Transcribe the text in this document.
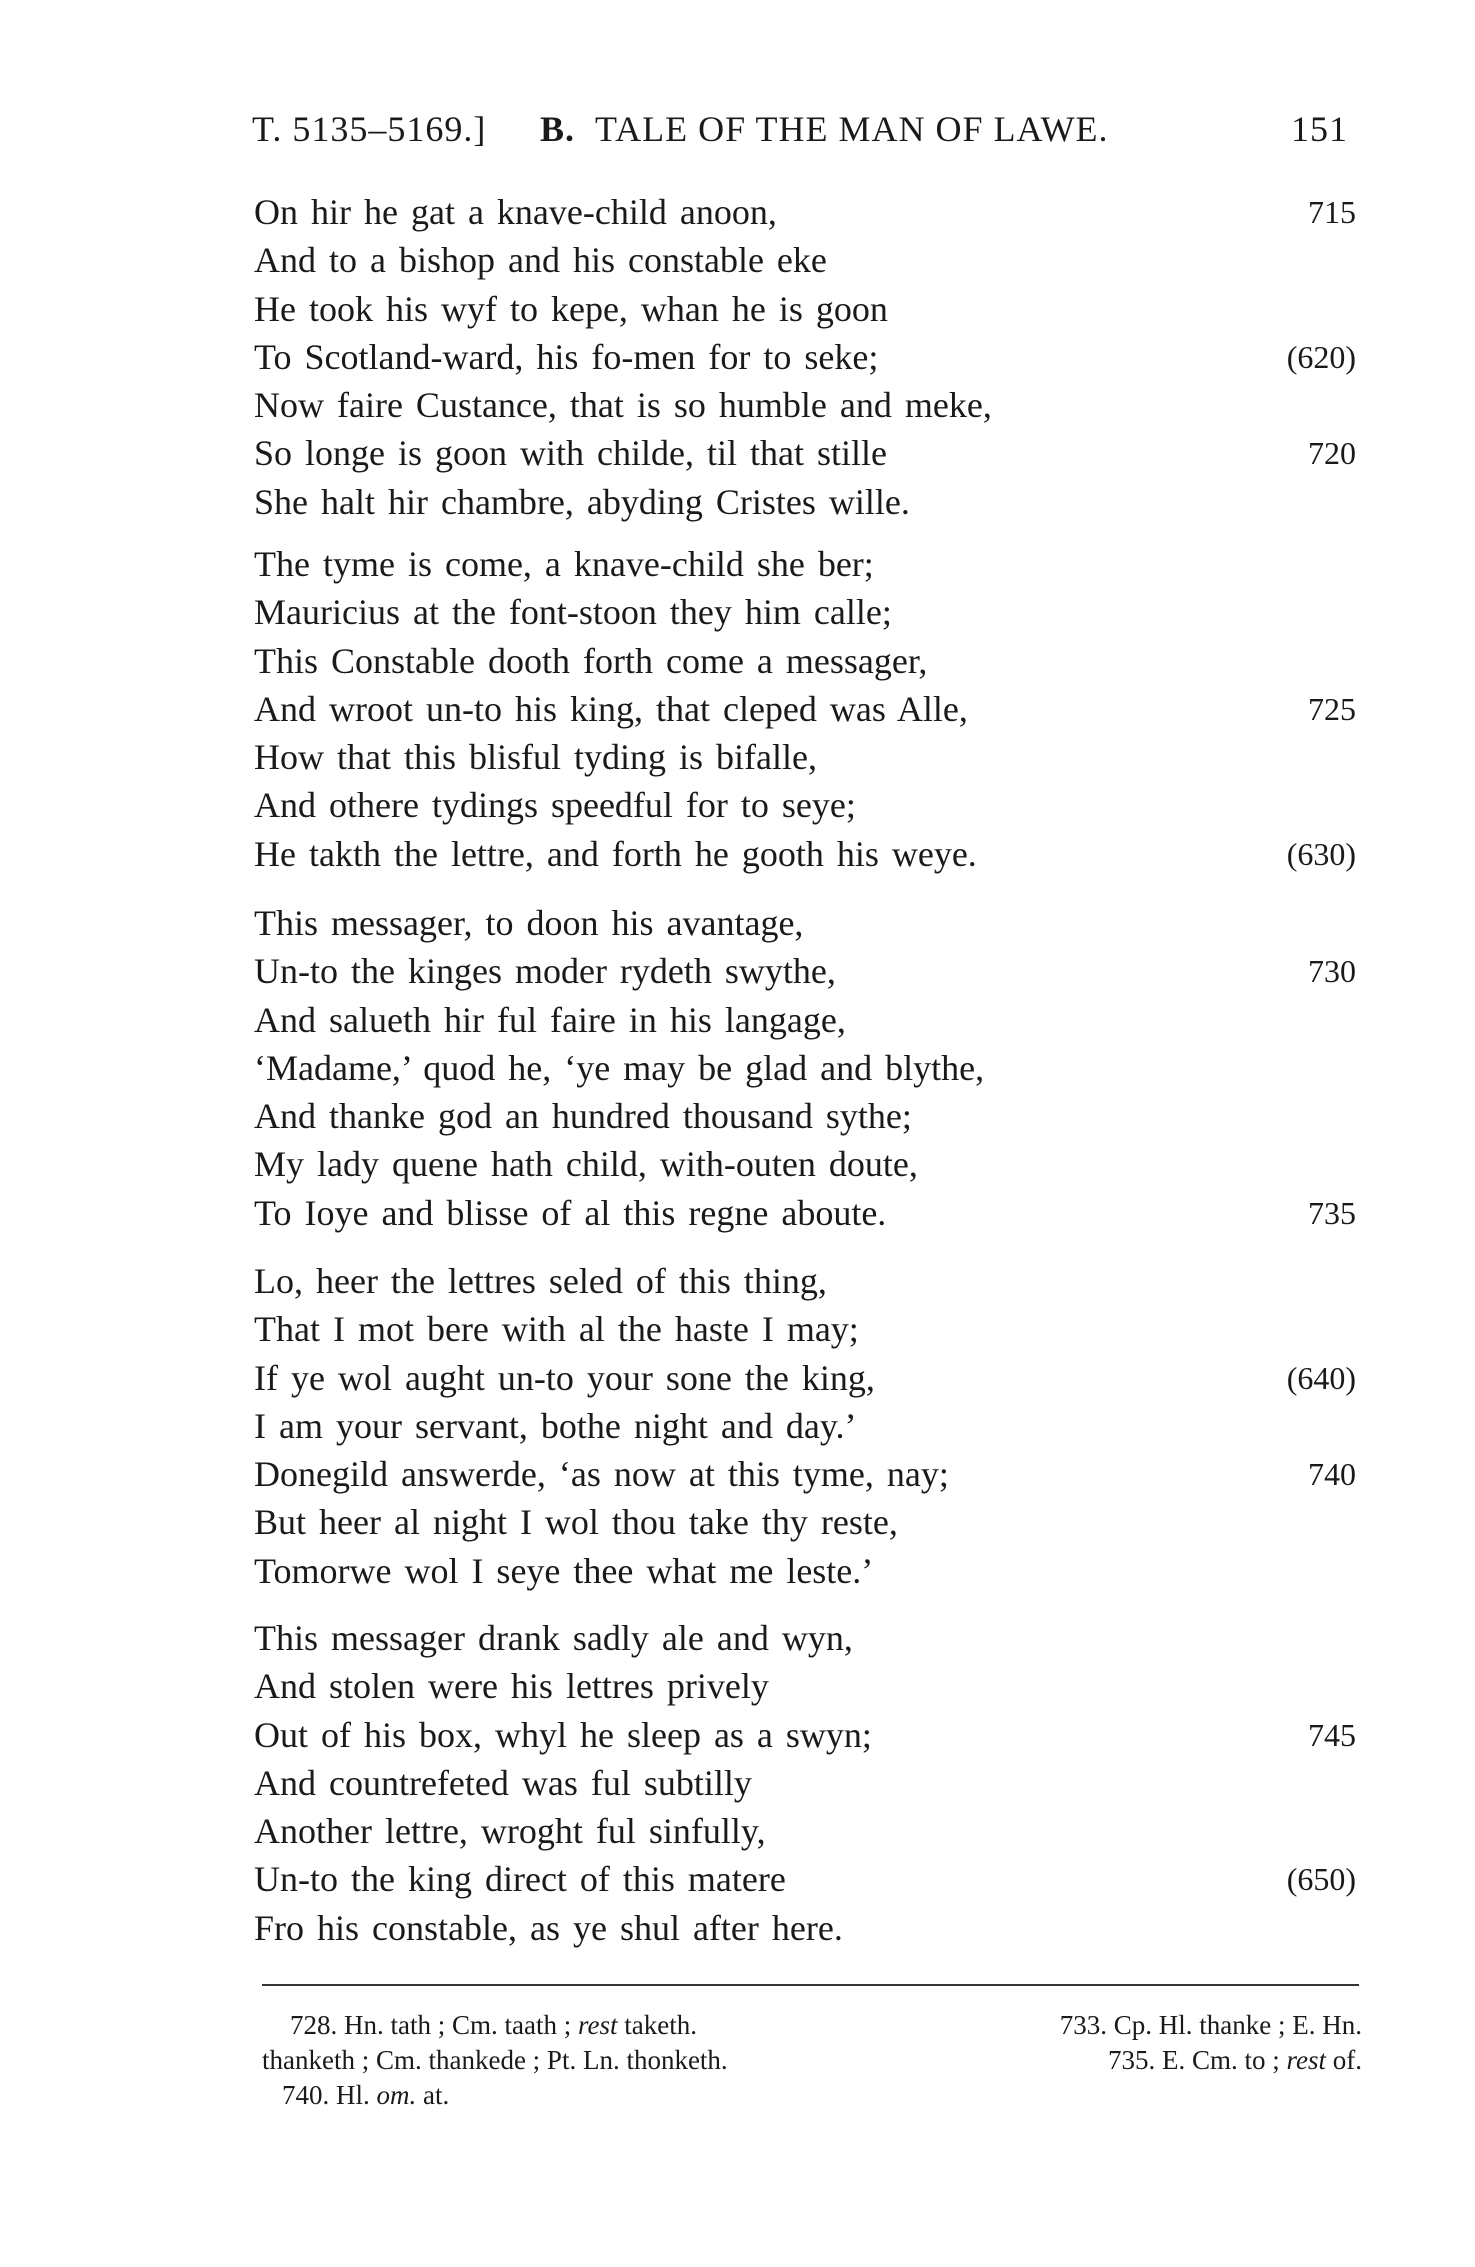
T. 5135–5169.] B. TALE OF THE MAN OF LAWE.	151
On hir he gat a knave-child anoon,	715
And to a bishop and his constable eke
He took his wyf to kepe, whan he is goon
To Scotland-ward, his fo-men for to seke;	(620)
Now faire Custance, that is so humble and meke,
So longe is goon with childe, til that stille	720
She halt hir chambre, abyding Cristes wille.
The tyme is come, a knave-child she ber;
Mauricius at the font-stoon they him calle;
This Constable dooth forth come a messager,
And wroot un-to his king, that cleped was Alle,	725
How that this blisful tyding is bifalle,
And othere tydings speedful for to seye;
He takth the lettre, and forth he gooth his weye.	(630)
This messager, to doon his avantage,
Un-to the kinges moder rydeth swythe,	730
And salueth hir ful faire in his langage,
‘Madame,’ quod he, ‘ye may be glad and blythe,
And thanke god an hundred thousand sythe;
My lady quene hath child, with-outen doute,
To Ioye and blisse of al this regne aboute.	735
Lo, heer the lettres seled of this thing,
That I mot bere with al the haste I may;
If ye wol aught un-to your sone the king,	(640)
I am your servant, bothe night and day.’
Donegild answerde, ‘as now at this tyme, nay;	740
But heer al night I wol thou take thy reste,
Tomorwe wol I seye thee what me leste.’
This messager drank sadly ale and wyn,
And stolen were his lettres prively
Out of his box, whyl he sleep as a swyn;	745
And countrefeted was ful subtilly
Another lettre, wroght ful sinfully,
Un-to the king direct of this matere	(650)
Fro his constable, as ye shul after here.
728. Hn. tath ; Cm. taath ; rest taketh.	733. Cp. Hl. thanke ; E. Hn.
thanketh ; Cm. thankede ; Pt. Ln. thonketh.	735. E. Cm. to ; rest of.
740. Hl. om. at.
